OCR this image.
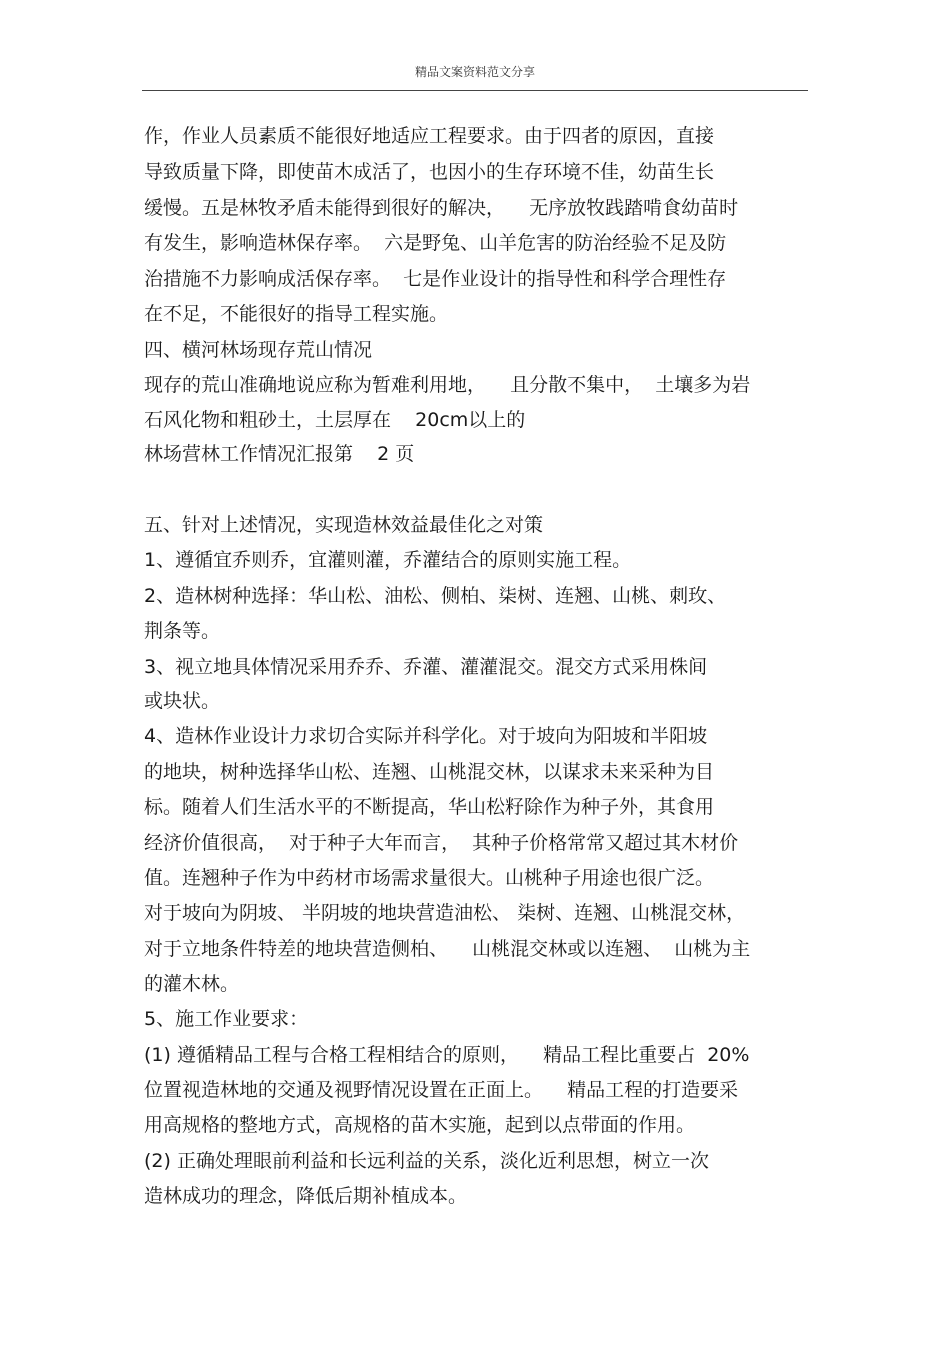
精品文案资料范文分享
作，作业人员素质不能很好地适应工程要求。由于四者的原因，直接
导致质量下降，即使苗木成活了，也因小的生存环境不佳，幼苗生长
缓慢。五是林牧矛盾未能得到很好的解决，    无序放牧践踏啃食幼苗时
有发生，影响造林保存率。  六是野兔、山羊危害的防治经验不足及防
治措施不力影响成活保存率。  七是作业设计的指导性和科学合理性存
在不足，不能很好的指导工程实施。
四、横河林场现存荒山情况
现存的荒山准确地说应称为暂难利用地，    且分散不集中，  土壤多为岩
石风化物和粗砂土，土层厚在    20cm以上的
林场营林工作情况汇报第    2 页
五、针对上述情况，实现造林效益最佳化之对策
1、遵循宜乔则乔，宜灌则灌，乔灌结合的原则实施工程。
2、造林树种选择：华山松、油松、侧柏、柒树、连翘、山桃、刺玫、
荆条等。
3、视立地具体情况采用乔乔、乔灌、灌灌混交。混交方式采用株间
或块状。
4、造林作业设计力求切合实际并科学化。对于坡向为阳坡和半阳坡
的地块，树种选择华山松、连翘、山桃混交林，以谋求未来采种为目
标。随着人们生活水平的不断提高，华山松籽除作为种子外，其食用
经济价值很高，  对于种子大年而言，  其种子价格常常又超过其木材价
值。连翘种子作为中药材市场需求量很大。山桃种子用途也很广泛。
对于坡向为阴坡、 半阴坡的地块营造油松、 柒树、连翘、山桃混交林，
对于立地条件特差的地块营造侧柏、    山桃混交林或以连翘、  山桃为主
的灌木林。
5、施工作业要求：
(1) 遵循精品工程与合格工程相结合的原则，    精品工程比重要占  20%
位置视造林地的交通及视野情况设置在正面上。    精品工程的打造要采
用高规格的整地方式，高规格的苗木实施，起到以点带面的作用。
(2) 正确处理眼前利益和长远利益的关系，淡化近利思想，树立一次
造林成功的理念，降低后期补植成本。
